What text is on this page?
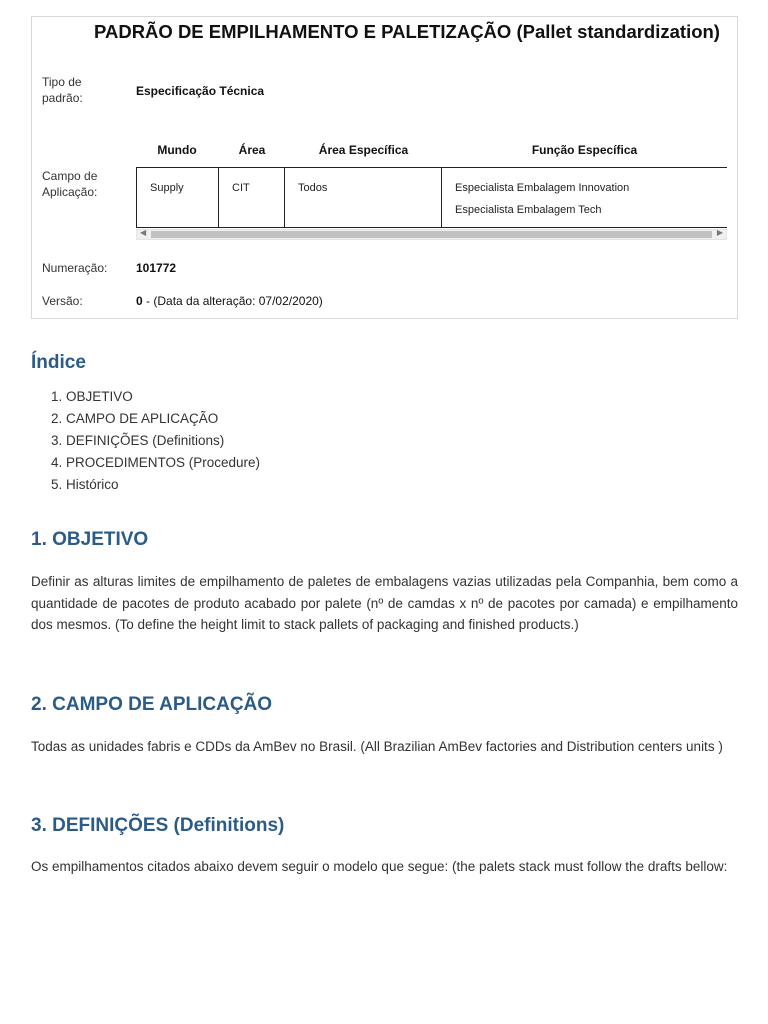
PADRÃO DE EMPILHAMENTO E PALETIZAÇÃO (Pallet standardization)
Tipo de padrão:	Especificação Técnica
Mundo	Área	Área Específica	Função Específica
Campo de Aplicação:	Supply	CIT	Todos	Especialista Embalagem Innovation
Especialista Embalagem Tech
◀	▶
Numeração: 101772
Versão:	0 - (Data da alteração: 07/02/2020)
Índice
1. OBJETIVO
2. CAMPO DE APLICAÇÃO
3. DEFINIÇÕES (Definitions)
4. PROCEDIMENTOS (Procedure)
5. Histórico
1. OBJETIVO
Definir as alturas limites de empilhamento de paletes de embalagens vazias utilizadas pela Companhia, bem como a quantidade de pacotes de produto acabado por palete (nº de camdas x nº de pacotes por camada) e empilhamento dos mesmos. (To define the height limit to stack pallets of packaging and finished products.)
2. CAMPO DE APLICAÇÃO
Todas as unidades fabris e CDDs da AmBev no Brasil. (All Brazilian AmBev factories and Distribution centers units )
3. DEFINIÇÕES (Definitions)
Os empilhamentos citados abaixo devem seguir o modelo que segue: (the palets stack must follow the drafts bellow:
